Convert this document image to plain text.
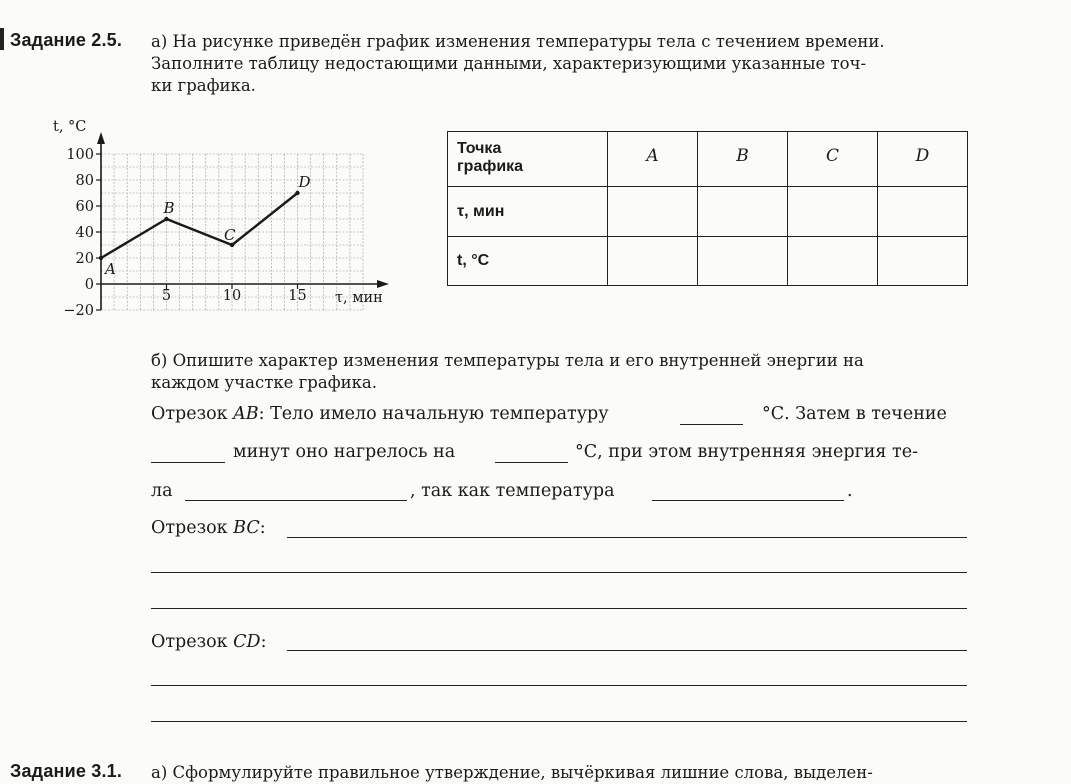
Задание 2.5. а) На рисунке приведён график изменения температуры тела с течением времени.
Заполните таблицу недостающими данными, характеризующими указанные точ-
ки графика.
100
80
60
40
20
0
−20
5	10	15
A
B
C
D
t, °C
τ, мин
Точка
графика	A	B	C	D
τ, мин				
t, °С				
б) Опишите характер изменения температуры тела и его внутренней энергии на
каждом участке графика.
Отрезок AB: Тело имело начальную температуру	°С. Затем в течение
минут оно нагрелось на	°С, при этом внутренняя энергия те-
ла	, так как температура	.
Отрезок BC:
Отрезок CD:
Задание 3.1. а) Сформулируйте правильное утверждение, вычёркивая лишние слова, выделен-
